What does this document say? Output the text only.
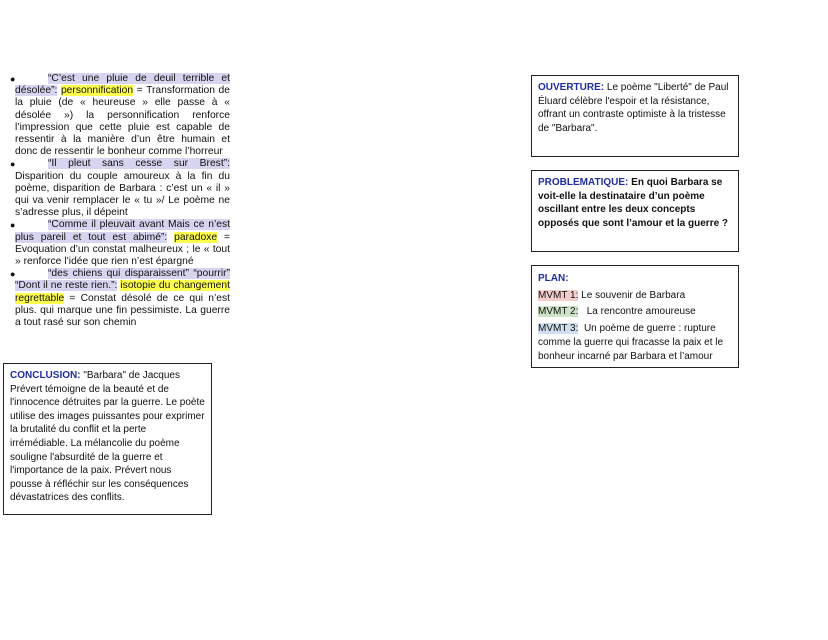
●	“C’est une pluie de deuil terrible et désolée”: personnification = Transformation de la pluie (de « heureuse » elle passe à « désolée ») la personnification renforce l’impression que cette pluie est capable de ressentir à la manière d’un être humain et donc de ressentir le bonheur comme l’horreur
●	“Il pleut sans cesse sur Brest”: Disparition du couple amoureux à la fin du poème, disparition de Barbara : c’est un « il » qui va venir remplacer le « tu »/ Le poème ne s’adresse plus, il dépeint
●	“Comme il pleuvait avant Mais ce n’est plus pareil et tout est abimé”: paradoxe = Evoquation d’un constat malheureux ; le « tout » renforce l’idée que rien n’est épargné
●	“des chiens qui disparaissent” “pourrir” “Dont il ne reste rien.”: isotopie du changement regrettable = Constat désolé de ce qui n’est plus. qui marque une fin pessimiste. La guerre a tout rasé sur son chemin
CONCLUSION: "Barbara" de Jacques Prévert témoigne de la beauté et de l'innocence détruites par la guerre. Le poète utilise des images puissantes pour exprimer la brutalité du conflit et la perte irrémédiable. La mélancolie du poème souligne l'absurdité de la guerre et l'importance de la paix. Prévert nous pousse à réfléchir sur les conséquences dévastatrices des conflits.
OUVERTURE: Le poème "Liberté" de Paul Éluard célèbre l'espoir et la résistance, offrant un contraste optimiste à la tristesse de "Barbara".
PROBLEMATIQUE: En quoi Barbara se voit-elle la destinataire d’un poème oscillant entre les deux concepts opposés que sont l’amour et la guerre ?
PLAN:
MVMT 1: Le souvenir de Barbara
MVMT 2:   La rencontre amoureuse
MVMT 3:  Un poème de guerre : rupture comme la guerre qui fracasse la paix et le bonheur incarné par Barbara et l’amour
